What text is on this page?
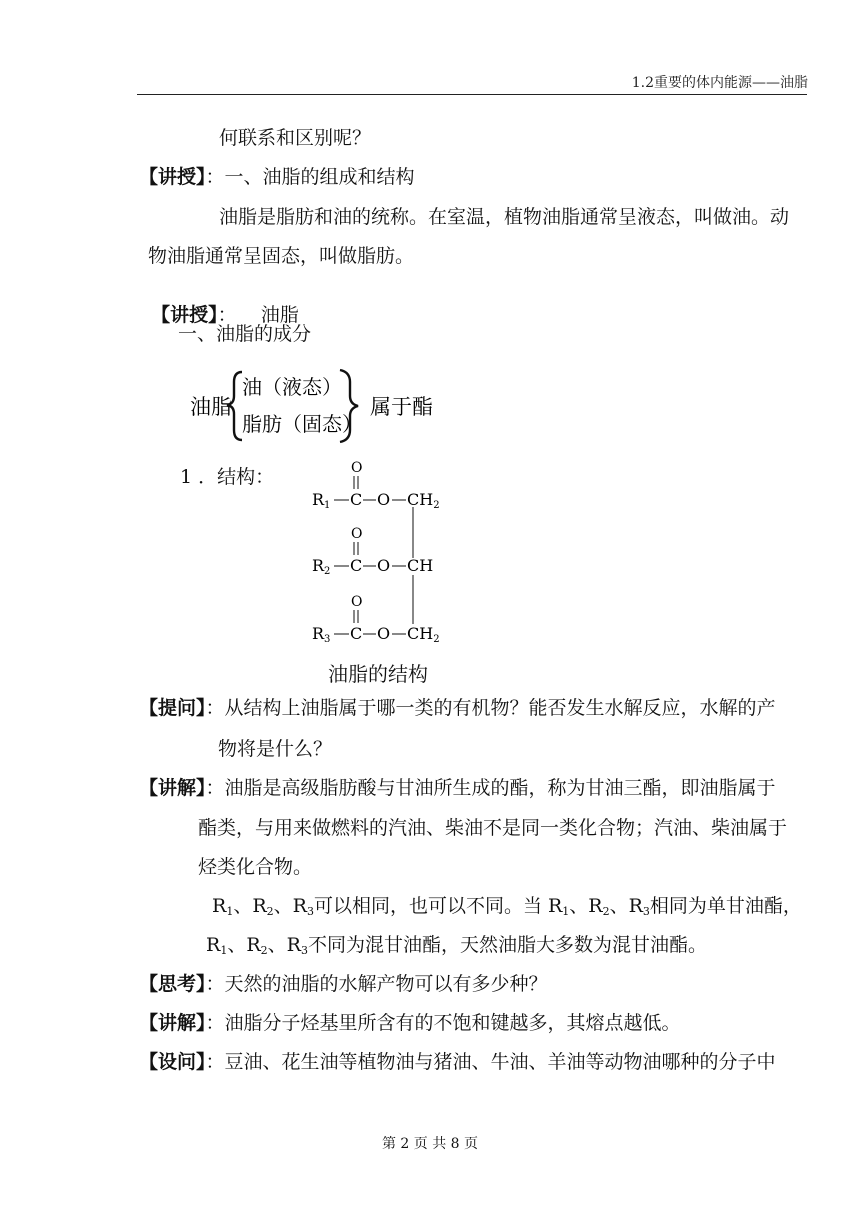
1.2重要的体内能源——油脂
何联系和区别呢？
【讲授】：一、油脂的组成和结构
油脂是脂肪和油的统称。在室温，植物油脂通常呈液态，叫做油。动
物油脂通常呈固态，叫做脂肪。

【讲授】：    油脂

一、油脂的成分
油脂
油（液态）
脂肪（固态）
属于酯
1 ．结构：	O
R1 C O CH2
O
R2 C O CH
O
R3 C O CH2
油脂的结构
【提问】：从结构上油脂属于哪一类的有机物？能否发生水解反应，水解的产
物将是什么？
【讲解】：油脂是高级脂肪酸与甘油所生成的酯，称为甘油三酯，即油脂属于
酯类，与用来做燃料的汽油、柴油不是同一类化合物；汽油、柴油属于
烃类化合物。
$R_1$、$R_2$、$R_3$可以相同，也可以不同。当 $R_1$、$R_2$、$R_3$相同为单甘油酯，
$R_1$、$R_2$、$R_3$不同为混甘油酯，天然油脂大多数为混甘油酯。
【思考】：天然的油脂的水解产物可以有多少种？
【讲解】：油脂分子烃基里所含有的不饱和键越多，其熔点越低。
【设问】：豆油、花生油等植物油与猪油、牛油、羊油等动物油哪种的分子中
第 2 页 共 8 页
